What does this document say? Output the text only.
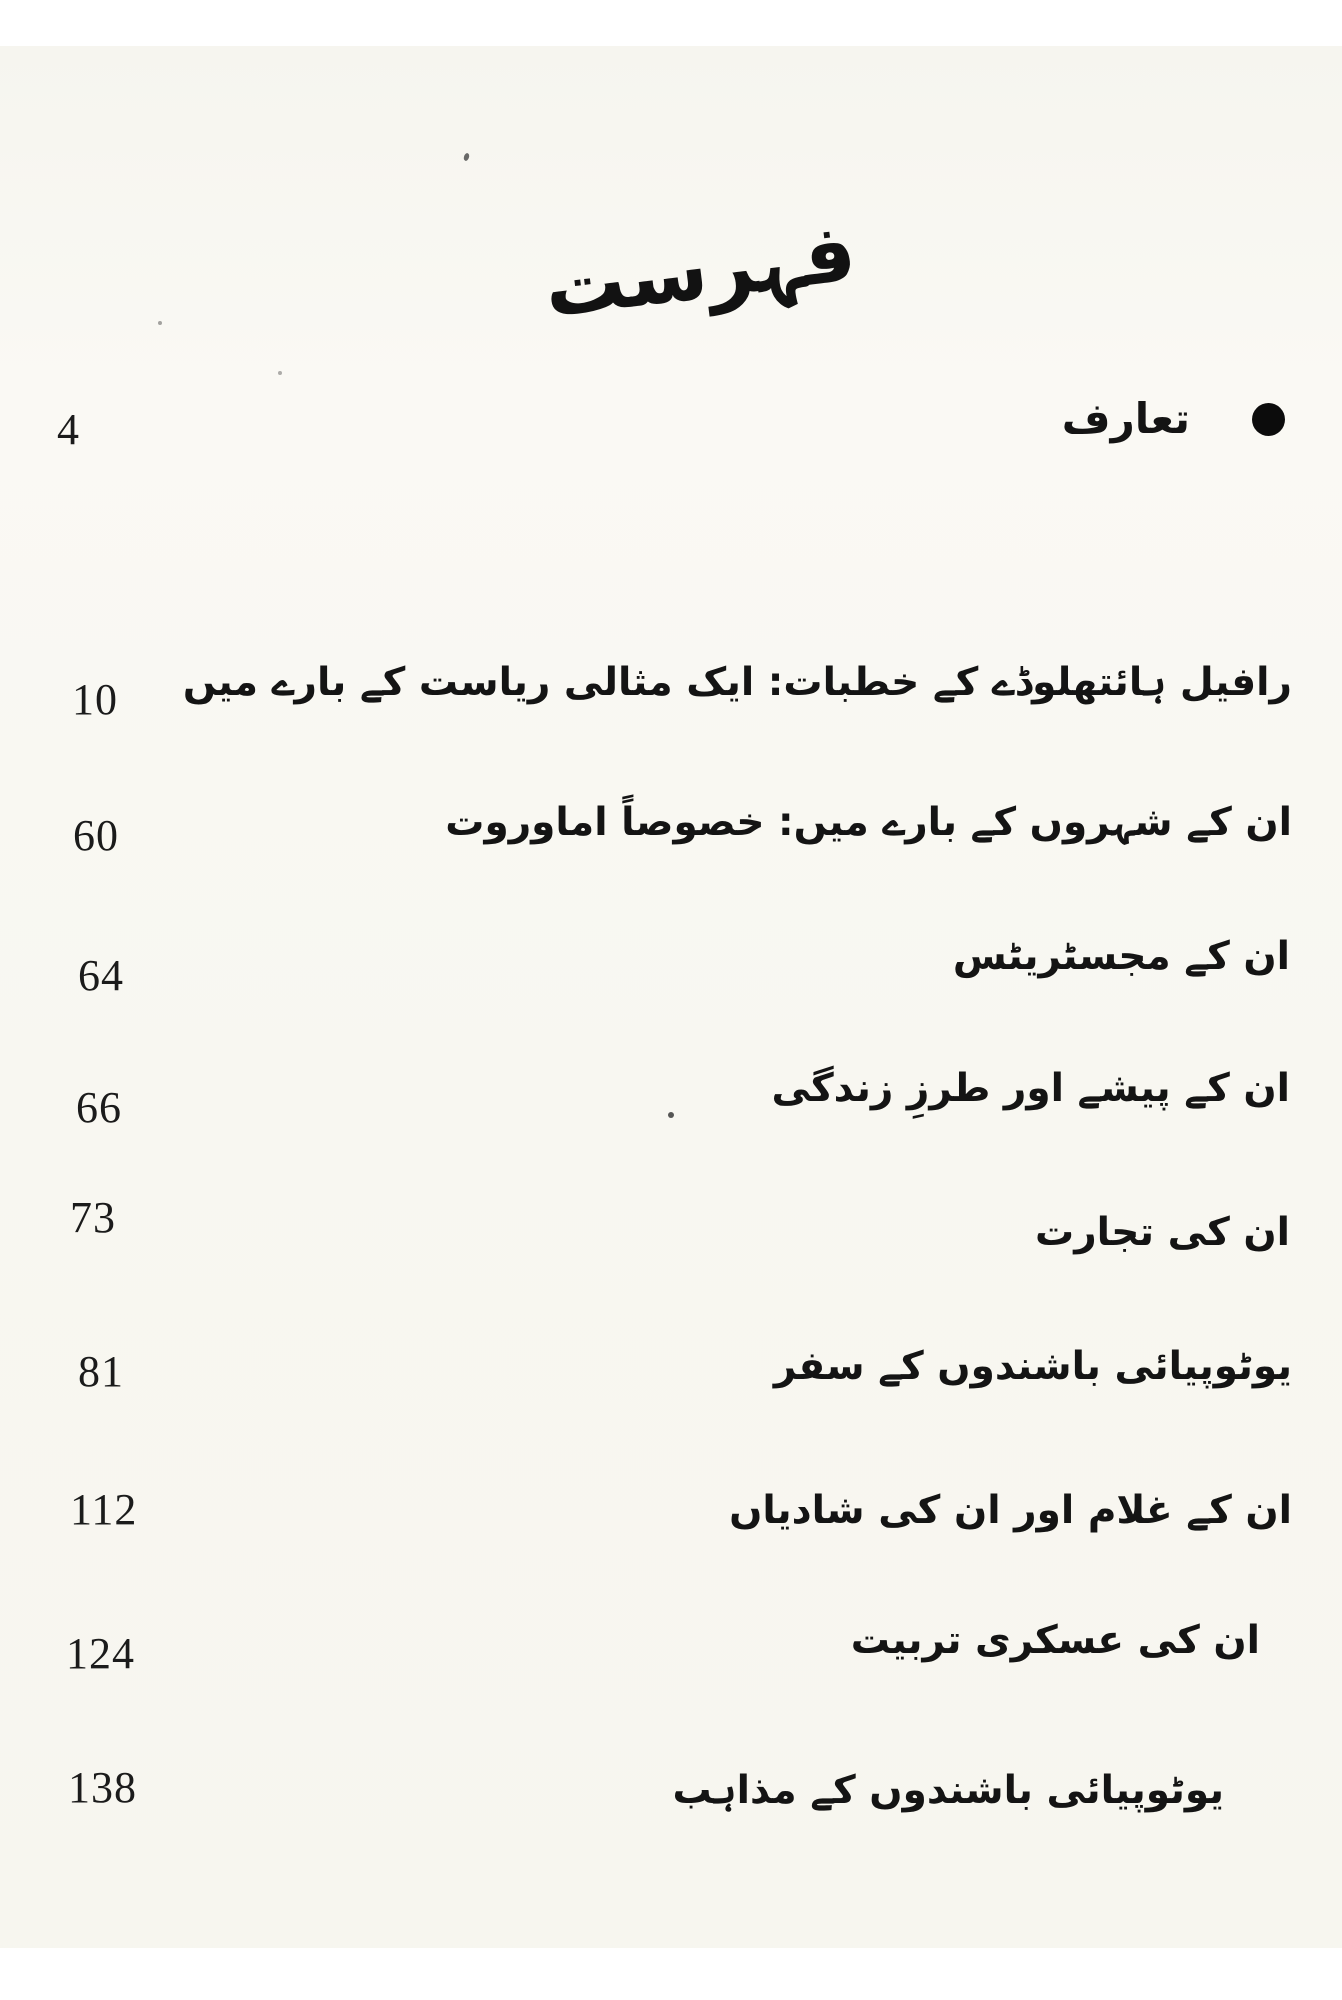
فہرست
4	تعارف
10 رافیل ہائتھلوڈے کے خطبات: ایک مثالی ریاست کے بارے میں
60	ان کے شہروں کے بارے میں: خصوصاً اماوروت
64	ان کے مجسٹریٹس
66	ان کے پیشے اور طرزِ زندگی
73	ان کی تجارت
81	یوٹوپیائی باشندوں کے سفر
112	ان کے غلام اور ان کی شادیاں
124	ان کی عسکری تربیت
138	یوٹوپیائی باشندوں کے مذاہب
